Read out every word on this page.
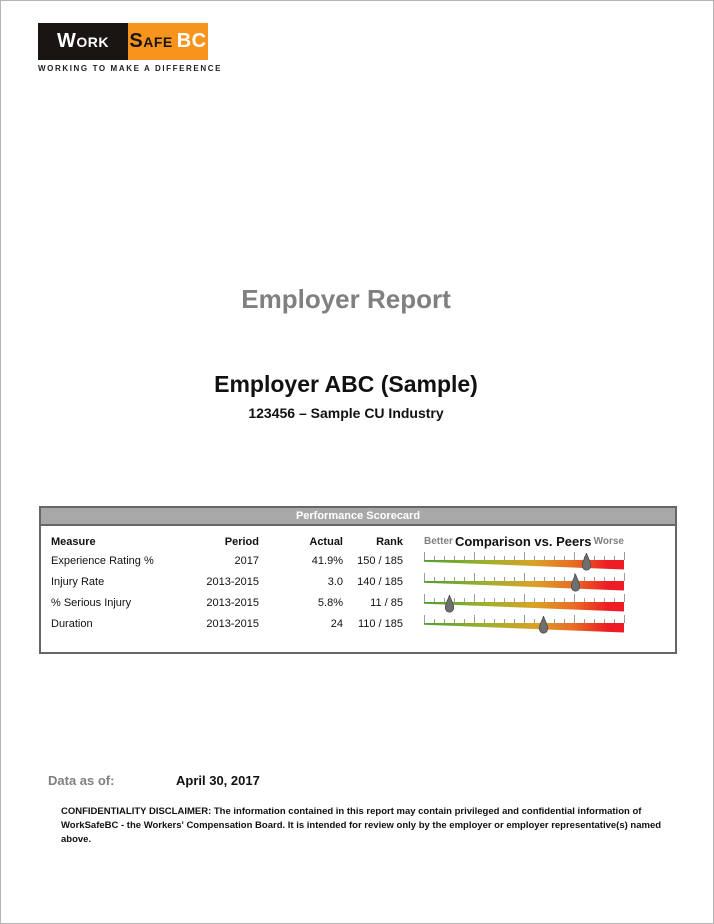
WORK SAFE BC
WORKING TO MAKE A DIFFERENCE
Employer Report
Employer ABC (Sample)
123456 – Sample CU Industry
Performance Scorecard
Measure	Period	Actual	Rank Better Comparison vs. Peers Worse
Experience Rating %	2017	41.9%	150 / 185
Injury Rate	2013-2015	3.0	140 / 185
% Serious Injury	2013-2015	5.8%	11 / 85
Duration	2013-2015	24	110 / 185
Data as of:	April 30, 2017
CONFIDENTIALITY DISCLAIMER: The information contained in this report may contain privileged and confidential information of WorkSafeBC - the Workers' Compensation Board. It is intended for review only by the employer or employer representative(s) named above.
